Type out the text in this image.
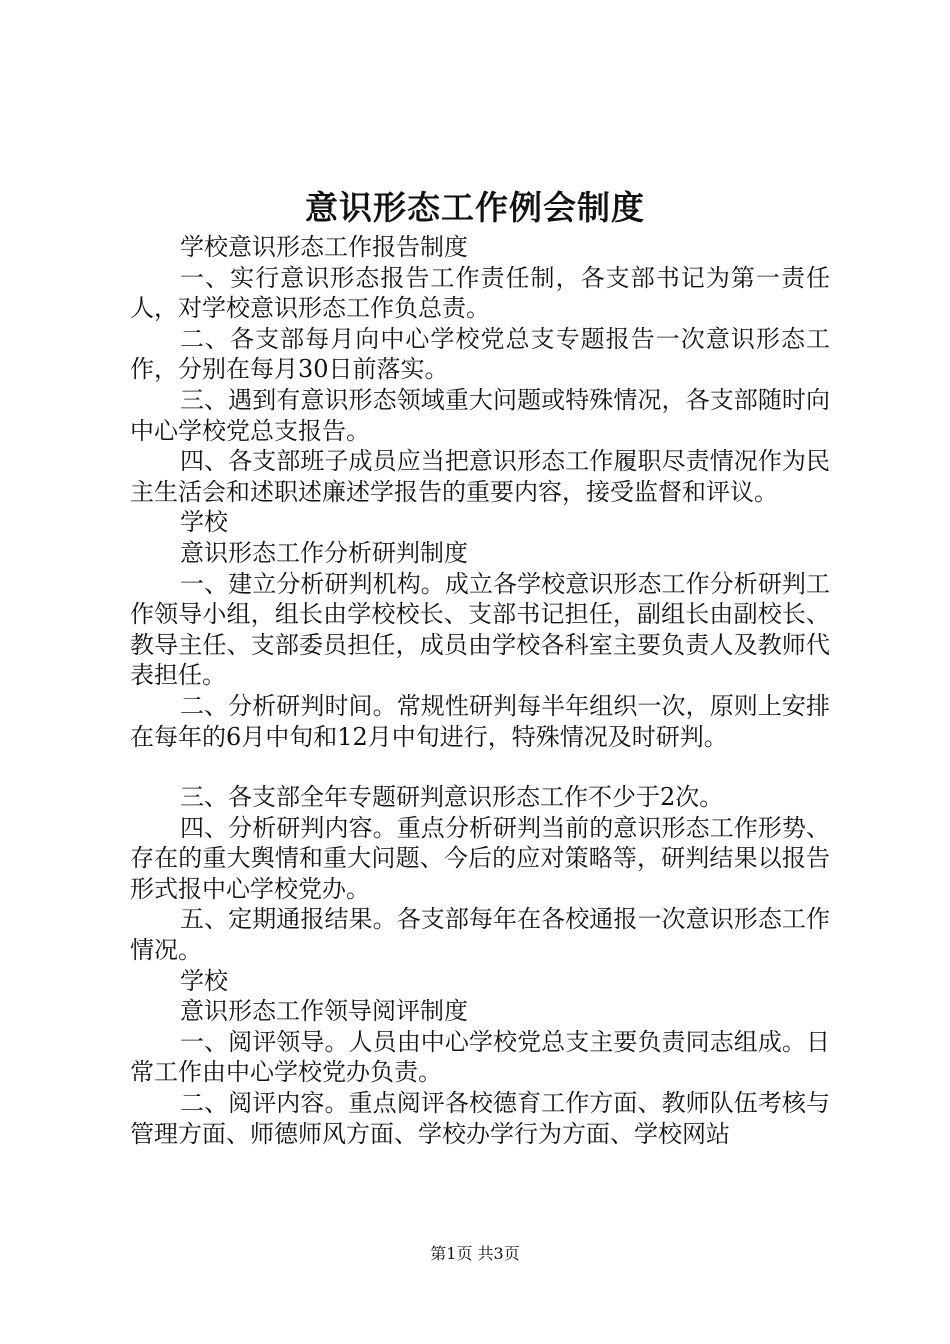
意识形态工作例会制度

学校意识形态工作报告制度

一、实行意识形态报告工作责任制，各支部书记为第一责任人，对学校意识形态工作负总责。

二、各支部每月向中心学校党总支专题报告一次意识形态工作，分别在每月30日前落实。

三、遇到有意识形态领域重大问题或特殊情况，各支部随时向中心学校党总支报告。

四、各支部班子成员应当把意识形态工作履职尽责情况作为民主生活会和述职述廉述学报告的重要内容，接受监督和评议。

学校

意识形态工作分析研判制度

一、建立分析研判机构。成立各学校意识形态工作分析研判工作领导小组，组长由学校校长、支部书记担任，副组长由副校长、教导主任、支部委员担任，成员由学校各科室主要负责人及教师代表担任。

二、分析研判时间。常规性研判每半年组织一次，原则上安排在每年的6月中旬和12月中旬进行，特殊情况及时研判。

三、各支部全年专题研判意识形态工作不少于2次。

四、分析研判内容。重点分析研判当前的意识形态工作形势、存在的重大舆情和重大问题、今后的应对策略等，研判结果以报告形式报中心学校党办。

五、定期通报结果。各支部每年在各校通报一次意识形态工作情况。

学校

意识形态工作领导阅评制度

一、阅评领导。人员由中心学校党总支主要负责同志组成。日常工作由中心学校党办负责。

二、阅评内容。重点阅评各校德育工作方面、教师队伍考核与管理方面、师德师风方面、学校办学行为方面、学校网站

第1页 共3页
